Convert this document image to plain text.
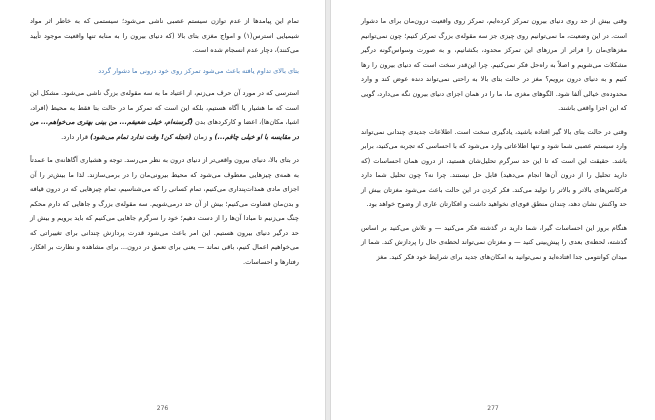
تمام این پیامدها از عدم توازن سیستم عصبی ناشی می‌شود؛ سیستمی که به خاطر اثر مواد شیمیایی استرس(۱) و امواج مغزی بتای بالا (که دنیای بیرون را به منابه تنها واقعیت موجود تأیید می‌کنند)، دچار عدم انسجام شده است.

بتای بالای تداوم یافته باعث می‌شود تمرکز روی خود درونی ما دشوار گردد

استرسی که در مورد آن حرف می‌زنم، از اعتیاد ما به سه مقوله‌ی بزرگ ناشی می‌شود. مشکل این است که ما هشیار یا آگاه هستیم، بلکه این است که تمرکز ما در حالت بتا فقط به محیط (افراد، اشیا، مکان‌ها)، اعضا و کارکردهای بدن (گرسنه‌ام، خیلی ضعیفم... من بینی بهتری می‌خواهم... من در مقایسه با او خیلی چاقم...) و زمان (عجله کن! وقت ندارد تمام می‌شود) قرار دارد.

در بتای بالا، دنیای بیرون واقعی‌تر از دنیای درون به نظر می‌رسد. توجه و هشیاری آگاهانه‌ی ما عمدتاً به همه‌ی چیزهایی معطوف می‌شود که محیط بیرونی‌مان را در برمی‌سازند. لذا ما بیش‌تر را آن اجزای مادی همذات‌پنداری می‌کنیم، تمام کسانی را که می‌شناسیم، تمام چیزهایی که در درون قیافه و بدن‌مان قضاوت می‌کنیم؛ بیش از آن حد درمی‌شویم. سه مقوله‌ی بزرگ و جاهایی که دارم محکم چنگ می‌زنیم تا مبادا آن‌ها را از دست دهیم؛ خود را سرگرم جاهایی می‌کنیم که باید برویم و بیش از حد درگیر دنیای بیرون هستیم. این امر باعث می‌شود قدرت پردازش چندانی برای تغییراتی که می‌خواهیم اعمال کنیم، باقی نماند — یعنی برای تعمق در درون... برای مشاهده و نظارت بر افکار، رفتارها و احساسات.

276

وقتی بیش از حد روی دنیای بیرون تمرکز کرده‌ایم، تمرکز روی واقعیت درون‌مان برای ما دشوار است. در این وضعیت، ما نمی‌توانیم روی چیزی جز سه مقوله‌ی بزرگ تمرکز کنیم؛ چون نمی‌توانیم مغزهای‌مان را فراتر از مرزهای این تمرکز محدود، بکشانیم، و به صورت وسواس‌گونه درگیر مشکلات می‌شویم و اصلاً به راه‌حل فکر نمی‌کنیم. چرا این‌قدر سخت است که دنیای بیرون را رها کنیم و به دنیای درون برویم؟ مغز در حالت بتای بالا به راحتی نمی‌تواند دنده عوض کند و وارد محدوده‌ی خیالی آلفا شود. الگوهای مغزی ما، ما را در همان اجزای دنیای بیرون نگه می‌دارد، گویی که این اجزا واقعی باشند.

وقتی در حالت بتای بالا گیر افتاده باشید، یادگیری سخت است. اطلاعات جدیدی چندانی نمی‌تواند وارد سیستم عصبی شما شود و تنها اطلاعاتی وارد می‌شود که با احساسی که تجربه می‌کنید، برابر باشد. حقیقت این است که تا این حد سرگرم تحلیل‌شان هستید، از درون همان احساسات (که دارید تحلیل را از درون آن‌ها انجام می‌دهید) قابل حل نیستند. چرا نه؟ چون تحلیل شما دارد فرکانس‌های بالاتر و بالاتر را تولید می‌کند. فکر کردن در این حالت باعث می‌شود مغزتان بیش از حد واکنش نشان دهد، چندان منطق قوی‌ای نخواهید داشت و افکارتان عاری از وضوح خواهد بود.

هنگام بروز این احساسات گیرا، شما دارید در گذشته فکر می‌کنید — و تلاش می‌کنید بر اساس گذشته، لحظه‌ی بعدی را پیش‌بینی کنید — و مغزتان نمی‌تواند لحظه‌ی حال را پردازش کند. شما از میدان کوانتومی جدا افتاده‌اید و نمی‌توانید به امکان‌های جدید برای شرایط خود فکر کنید. مغز

277
